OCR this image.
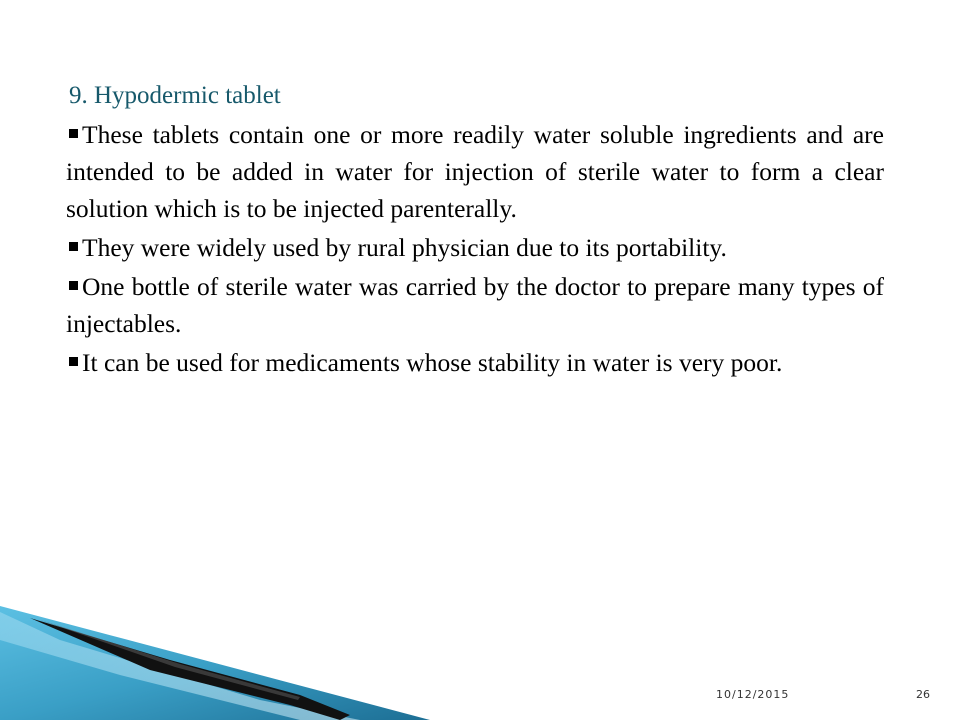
9. Hypodermic tablet
These tablets contain one or more readily water soluble ingredients and are intended to be added in water for injection of sterile water to form a clear solution which is to be injected parenterally.
They were widely used by rural physician due to its portability.
One bottle of sterile water was carried by the doctor to prepare many types of injectables.
It can be used for medicaments whose stability in water is very poor.
10/12/2015	26
